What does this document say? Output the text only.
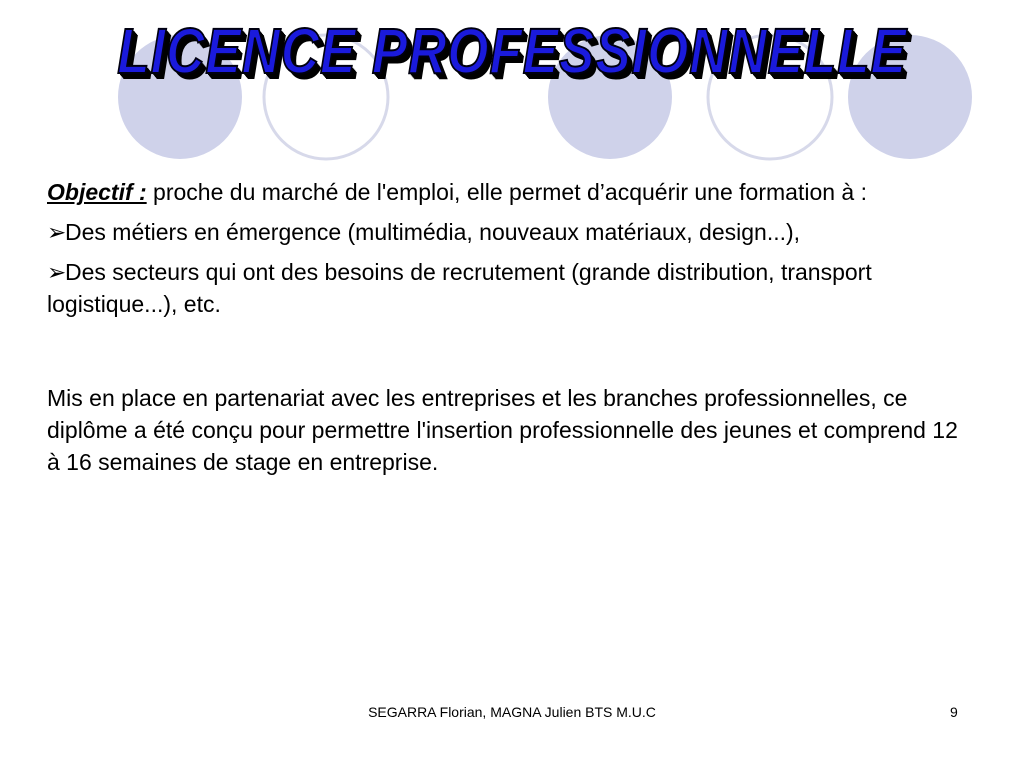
LICENCE PROFESSIONNELLE

Objectif : proche du marché de l'emploi, elle permet d’acquérir une formation à :

➢Des métiers en émergence (multimédia, nouveaux matériaux, design...),

➢Des secteurs qui ont des besoins de recrutement (grande distribution, transport logistique...), etc.

Mis en place en partenariat avec les entreprises et les branches professionnelles, ce diplôme a été conçu pour permettre l'insertion professionnelle des jeunes et comprend 12 à 16 semaines de stage en entreprise.

SEGARRA Florian, MAGNA Julien BTS M.U.C	9
